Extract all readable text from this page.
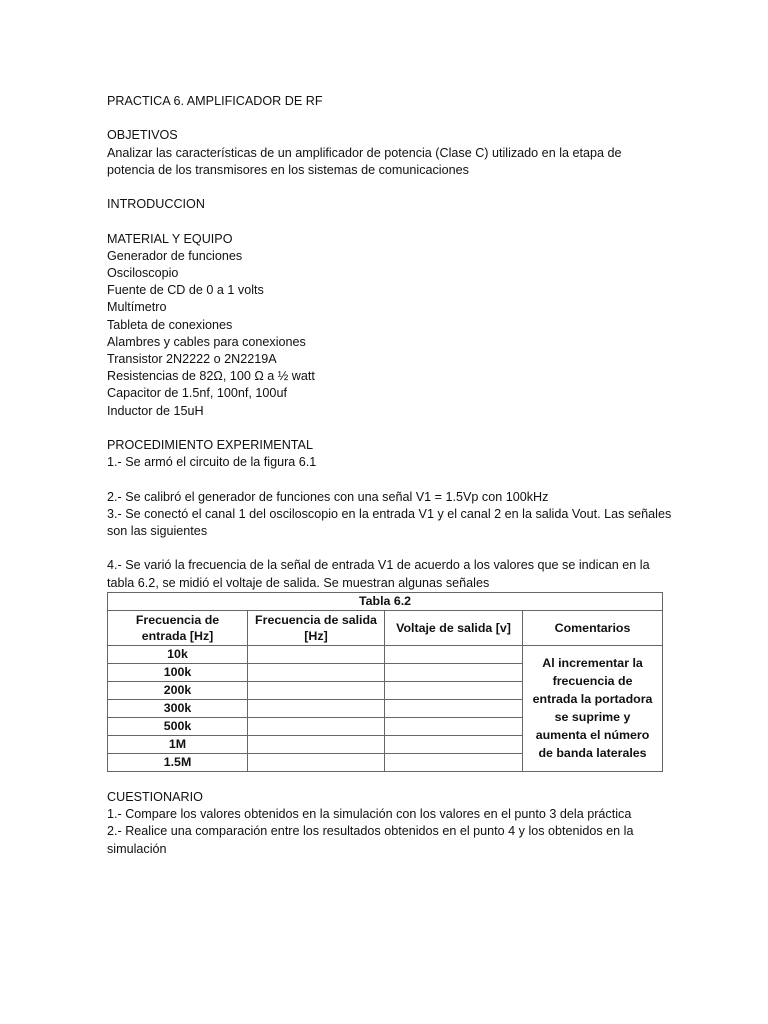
PRACTICA 6. AMPLIFICADOR DE RF

OBJETIVOS

Analizar las características de un amplificador de potencia (Clase C) utilizado en la etapa de

potencia de los transmisores en los sistemas de comunicaciones

INTRODUCCION

MATERIAL Y EQUIPO

Generador de funciones

Osciloscopio

Fuente de CD de 0 a 1 volts

Multímetro

Tableta de conexiones

Alambres y cables para conexiones

Transistor 2N2222 o 2N2219A

Resistencias de 82Ω, 100 Ω a ½ watt

Capacitor de 1.5nf, 100nf, 100uf

Inductor de 15uH

PROCEDIMIENTO EXPERIMENTAL

1.- Se armó el circuito de la figura 6.1

2.- Se calibró el generador de funciones con una señal V1 = 1.5Vp con 100kHz

3.- Se conectó el canal 1 del osciloscopio en la entrada V1 y el canal 2 en la salida Vout. Las señales

son las siguientes

4.- Se varió la frecuencia de la señal de entrada V1 de acuerdo a los valores que se indican en la

tabla 6.2, se midió el voltaje de salida. Se muestran algunas señales

Tabla 6.2			
Frecuencia de entrada [Hz]	Frecuencia de salida [Hz]	Voltaje de salida [v]	Comentarios
10k			Al incrementar la frecuencia de entrada la portadora se suprime y aumenta el número de banda laterales
100k			
200k			
300k			
500k			
1M			
1.5M			

CUESTIONARIO

1.- Compare los valores obtenidos en la simulación con los valores en el punto 3 dela práctica

2.- Realice una comparación entre los resultados obtenidos en el punto 4 y los obtenidos en la

simulación
